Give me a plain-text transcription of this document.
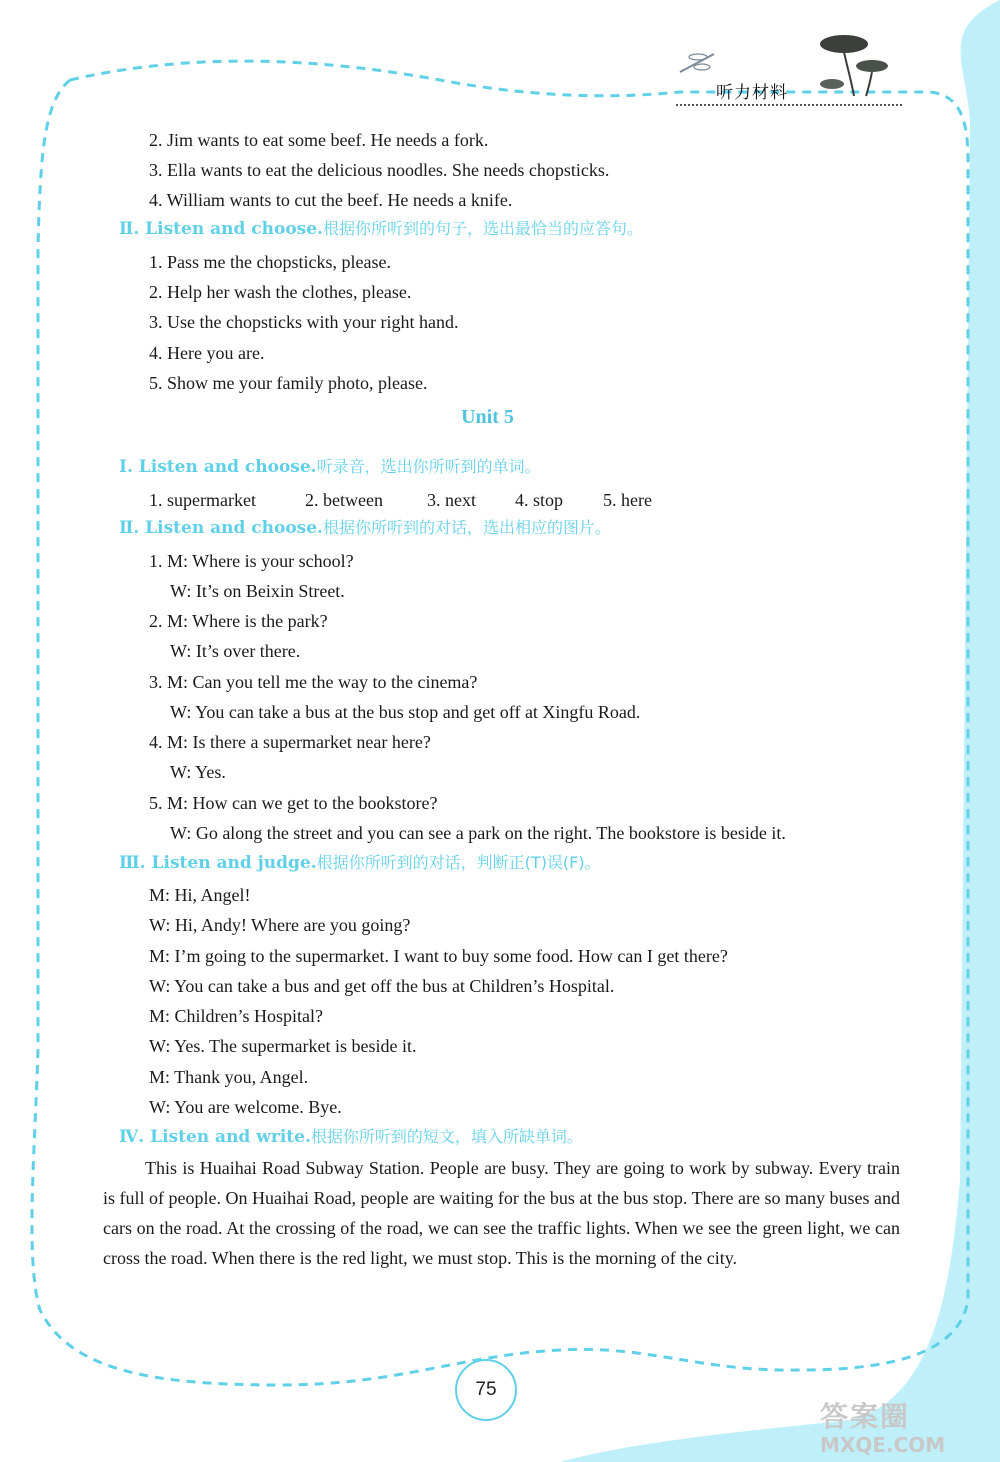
听力材料
2. Jim wants to eat some beef. He needs a fork.
3. Ella wants to eat the delicious noodles. She needs chopsticks.
4. William wants to cut the beef. He needs a knife.
Ⅱ. Listen and choose.根据你所听到的句子，选出最恰当的应答句。
1. Pass me the chopsticks, please.
2. Help her wash the clothes, please.
3. Use the chopsticks with your right hand.
4. Here you are.
5. Show me your family photo, please.
Unit 5
Ⅰ. Listen and choose.听录音，选出你所听到的单词。
1. supermarket	2. between 3. next 4. stop 5. here
Ⅱ. Listen and choose.根据你所听到的对话，选出相应的图片。
1. M: Where is your school?
W: It’s on Beixin Street.
2. M: Where is the park?
W: It’s over there.
3. M: Can you tell me the way to the cinema?
W: You can take a bus at the bus stop and get off at Xingfu Road.
4. M: Is there a supermarket near here?
W: Yes.
5. M: How can we get to the bookstore?
W: Go along the street and you can see a park on the right. The bookstore is beside it.
Ⅲ. Listen and judge.根据你所听到的对话，判断正(T)误(F)。
M: Hi, Angel!
W: Hi, Andy! Where are you going?
M: I’m going to the supermarket. I want to buy some food. How can I get there?
W: You can take a bus and get off the bus at Children’s Hospital.
M: Children’s Hospital?
W: Yes. The supermarket is beside it.
M: Thank you, Angel.
W: You are welcome. Bye.
Ⅳ. Listen and write.根据你所听到的短文，填入所缺单词。
This is Huaihai Road Subway Station. People are busy. They are going to work by subway. Every train is full of people. On Huaihai Road, people are waiting for the bus at the bus stop. There are so many buses and cars on the road. At the crossing of the road, we can see the traffic lights. When we see the green light, we can cross the road. When there is the red light, we must stop. This is the morning of the city.
75
答案圈
MXQE.COM
